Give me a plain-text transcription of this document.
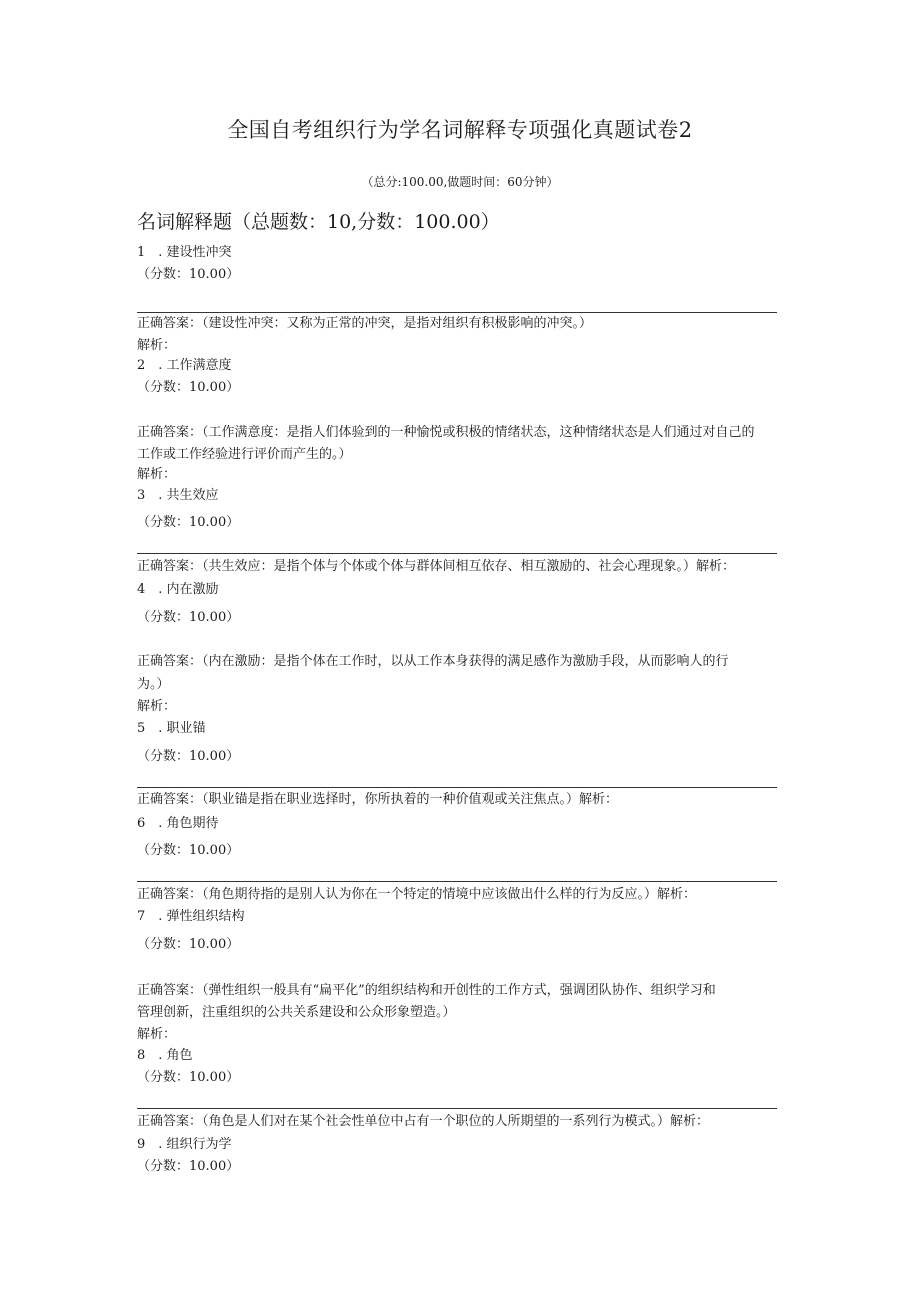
全国自考组织行为学名词解释专项强化真题试卷2
（总分:100.00,做题时间：60分钟）
名词解释题（总题数：10,分数：100.00）
1　. 建设性冲突
（分数：10.00）
正确答案：（建设性冲突：又称为正常的冲突，是指对组织有积极影响的冲突。）
解析：
2　. 工作满意度
（分数：10.00）
正确答案：（工作满意度：是指人们体验到的一种愉悦或积极的情绪状态，这种情绪状态是人们通过对自己的
工作或工作经验进行评价而产生的。）
解析：
3　. 共生效应
（分数：10.00）
正确答案：（共生效应：是指个体与个体或个体与群体间相互依存、相互激励的、社会心理现象。）解析：
4　. 内在激励
（分数：10.00）
正确答案：（内在激励：是指个体在工作时，以从工作本身获得的满足感作为激励手段，从而影响人的行
为。）
解析：
5　. 职业锚
（分数：10.00）
正确答案：（职业锚是指在职业选择时，你所执着的一种价值观或关注焦点。）解析：
6　. 角色期待
（分数：10.00）
正确答案：（角色期待指的是别人认为你在一个特定的情境中应该做出什么样的行为反应。）解析：
7　. 弹性组织结构
（分数：10.00）
正确答案：（弹性组织一般具有“扁平化”的组织结构和开创性的工作方式，强调团队协作、组织学习和
管理创新，注重组织的公共关系建设和公众形象塑造。）
解析：
8　. 角色
（分数：10.00）
正确答案：（角色是人们对在某个社会性单位中占有一个职位的人所期望的一系列行为模式。）解析：
9　. 组织行为学
（分数：10.00）
